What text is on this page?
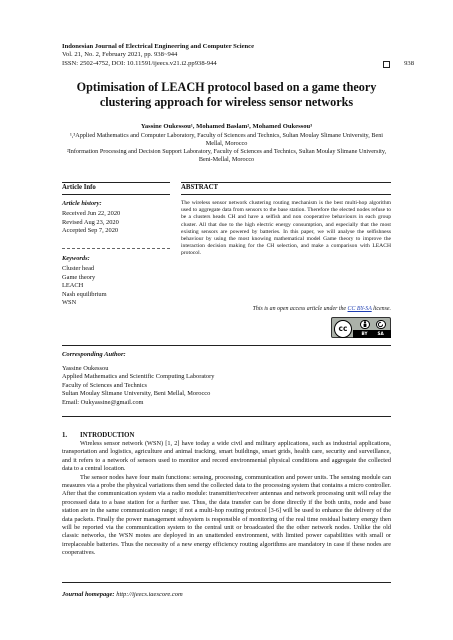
Indonesian Journal of Electrical Engineering and Computer Science
Vol. 21, No. 2, February 2021, pp. 938~944
ISSN: 2502-4752, DOI: 10.11591/ijeecs.v21.i2.pp938-944	938
Optimisation of LEACH protocol based on a game theory clustering approach for wireless sensor networks
Yassine Oukessou¹, Mohamed Baslam², Mohamed Oukessou³
¹,³Applied Mathematics and Computer Laboratory, Faculty of Sciences and Technics, Sultan Moulay Slimane University, Beni Mellal, Morocco
²Information Processing and Decision Support Laboratory, Faculty of Sciences and Technics, Sultan Moulay Slimane University, Beni-Mellal, Morocco
Article Info	ABSTRACT
Article history:
Received Jun 22, 2020
Revised Aug 23, 2020
Accepted Sep 7, 2020
Keywords:
Cluster head
Game theory
LEACH
Nash equilibrium
WSN
The wireless sensor network clustering routing mechanism is the best multi-hop algorithm used to aggregate data from sensors to the base station. Therefore the elected nodes refuse to be a clusters heads CH and have a selfish and non cooperative behaviours in each group cluster. All that due to the high electric energy consumption, and especially that the most existing sensors are powered by batteries. In this paper, we will analyse the selfishness behaviour by using the most knowing mathematical model Game theory to improve the interaction decision making for the CH selection, and make a comparison with LEACH protocol.
This is an open access article under the CC BY-SA license.
cc	BY SA
Corresponding Author:
Yassine Oukessou
Applied Mathematics and Scientific Computing Laboratory
Faculty of Sciences and Technics
Sultan Moulay Slimane University, Beni Mellal, Morocco
Email: Oukyassine@gmail.com
1. INTRODUCTION

Wireless sensor network (WSN) [1, 2] have today a wide civil and military applications, such as industrial applications, transportation and logistics, agriculture and animal tracking, smart buildings, smart grids, health care, security and surveillance, and it refers to a network of sensors used to monitor and record environmental physical conditions and aggregate the collected data to a central location.

The sensor nodes have four main functions: sensing, processing, communication and power units. The sensing module can measures via a probe the physical variations then send the collected data to the processing system that contains a micro controller. After that the communication system via a radio module: transmitter/receiver antennas and network processing unit will relay the processed data to a base station for a further use. Thus, the data transfer can be done directly if the both units, node and base station are in the same communication range; if not a multi-hop routing protocol [3-6] will be used to enhance the delivery of the data packets. Finally the power management subsystem is responsible of monitoring of the real time residual battery energy then will be reported via the communication system to the central unit or broadcasted the the other network nodes. Unlike the old classic networks, the WSN motes are deployed in an unattended environment, with limited power capabilities with small or irreplaceable batteries. Thus the necessity of a new energy efficiency routing algorithms are mandatory in case if these nodes are cooperatives.

Journal homepage: http://ijeecs.iaescore.com
